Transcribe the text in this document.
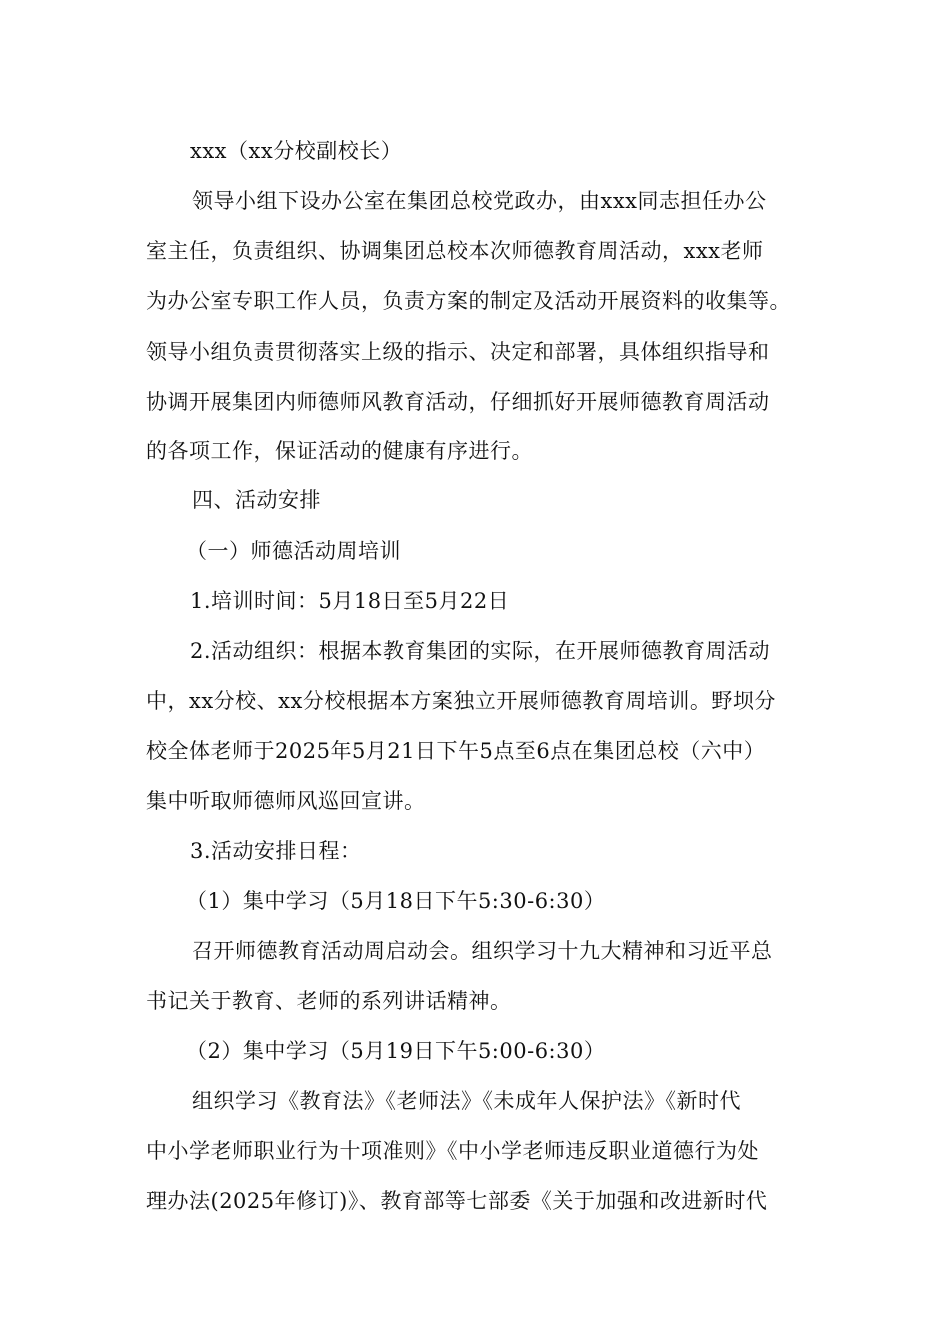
xxx（xx分校副校长）
领导小组下设办公室在集团总校党政办，由xxx同志担任办公
室主任，负责组织、协调集团总校本次师德教育周活动，xxx老师
为办公室专职工作人员，负责方案的制定及活动开展资料的收集等。
领导小组负责贯彻落实上级的指示、决定和部署，具体组织指导和
协调开展集团内师德师风教育活动，仔细抓好开展师德教育周活动
的各项工作，保证活动的健康有序进行。
四、活动安排
（一）师德活动周培训
1.培训时间：5月18日至5月22日
2.活动组织：根据本教育集团的实际，在开展师德教育周活动
中，xx分校、xx分校根据本方案独立开展师德教育周培训。野坝分
校全体老师于2025年5月21日下午5点至6点在集团总校（六中）
集中听取师德师风巡回宣讲。
3.活动安排日程：
（1）集中学习（5月18日下午5:30-6:30）
召开师德教育活动周启动会。组织学习十九大精神和习近平总
书记关于教育、老师的系列讲话精神。
（2）集中学习（5月19日下午5:00-6:30）
组织学习《教育法》《老师法》《未成年人保护法》《新时代
中小学老师职业行为十项准则》《中小学老师违反职业道德行为处
理办法(2025年修订)》、教育部等七部委《关于加强和改进新时代
